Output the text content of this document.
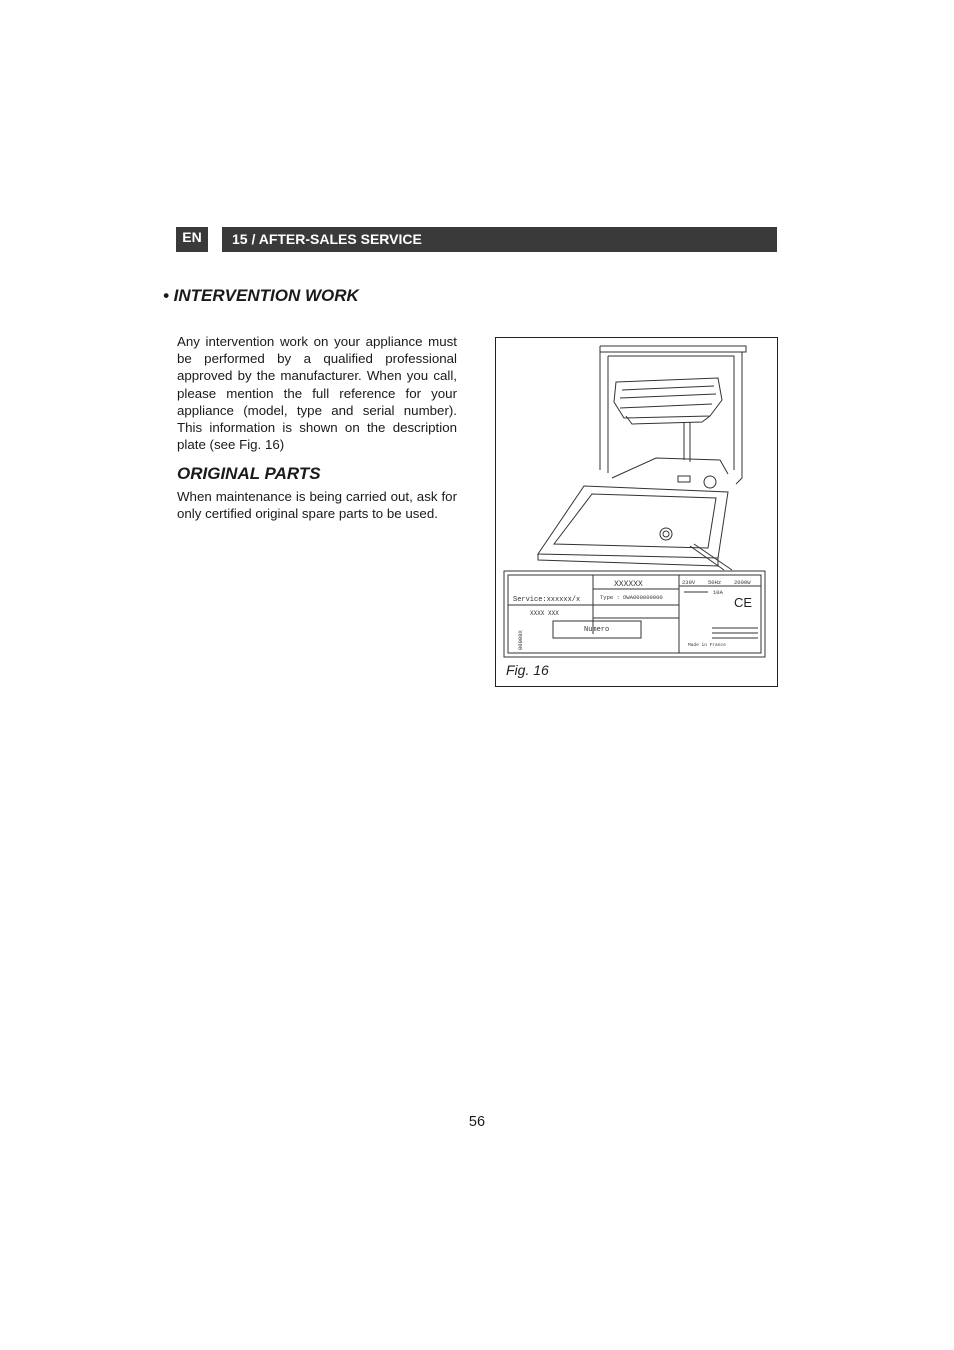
EN	15 / AFTER-SALES SERVICE
• INTERVENTION WORK

Any intervention work on your appliance must be performed by a qualified professional approved by the manufacturer. When you call, please mention the full reference for your appliance (model, type and serial number). This information is shown on the description plate (see Fig. 16)

ORIGINAL PARTS

When maintenance is being carried out, ask for only certified original spare parts to be used.

XXXXXX
Service:xxxxxx/x	Type : DWA000000000
XXXX XXX
Numero
00000X
230V 50Hz 2000W
10A
CE
Made in France
Fig. 16
56
